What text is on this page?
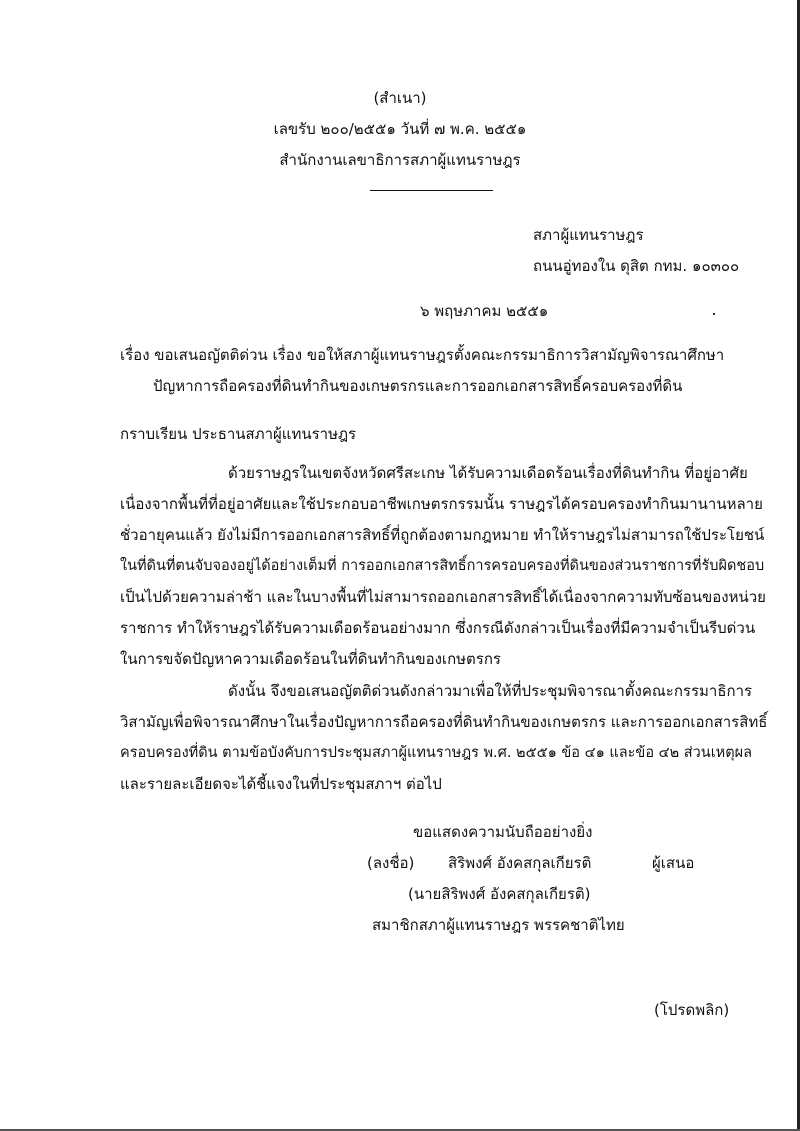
(สำเนา)
เลขรับ ๒๐๐/๒๕๕๑ วันที่ ๗ พ.ค. ๒๕๕๑
สำนักงานเลขาธิการสภาผู้แทนราษฎร
สภาผู้แทนราษฎร
ถนนอู่ทองใน ดุสิต กทม. ๑๐๓๐๐
๖ พฤษภาคม ๒๕๕๑
เรื่อง ขอเสนอญัตติด่วน เรื่อง ขอให้สภาผู้แทนราษฎรตั้งคณะกรรมาธิการวิสามัญพิจารณาศึกษา
ปัญหาการถือครองที่ดินทำกินของเกษตรกรและการออกเอกสารสิทธิ์ครอบครองที่ดิน
กราบเรียน ประธานสภาผู้แทนราษฎร
ด้วยราษฎรในเขตจังหวัดศรีสะเกษ ได้รับความเดือดร้อนเรื่องที่ดินทำกิน ที่อยู่อาศัย
เนื่องจากพื้นที่ที่อยู่อาศัยและใช้ประกอบอาชีพเกษตรกรรมนั้น ราษฎรได้ครอบครองทำกินมานานหลาย
ชั่วอายุคนแล้ว ยังไม่มีการออกเอกสารสิทธิ์ที่ถูกต้องตามกฎหมาย ทำให้ราษฎรไม่สามารถใช้ประโยชน์
ในที่ดินที่ตนจับจองอยู่ได้อย่างเต็มที่ การออกเอกสารสิทธิ์การครอบครองที่ดินของส่วนราชการที่รับผิดชอบ
เป็นไปด้วยความล่าช้า และในบางพื้นที่ไม่สามารถออกเอกสารสิทธิ์ได้เนื่องจากความทับซ้อนของหน่วย
ราชการ ทำให้ราษฎรได้รับความเดือดร้อนอย่างมาก ซึ่งกรณีดังกล่าวเป็นเรื่องที่มีความจำเป็นรีบด่วน
ในการขจัดปัญหาความเดือดร้อนในที่ดินทำกินของเกษตรกร
ดังนั้น จึงขอเสนอญัตติด่วนดังกล่าวมาเพื่อให้ที่ประชุมพิจารณาตั้งคณะกรรมาธิการ
วิสามัญเพื่อพิจารณาศึกษาในเรื่องปัญหาการถือครองที่ดินทำกินของเกษตรกร และการออกเอกสารสิทธิ์
ครอบครองที่ดิน ตามข้อบังคับการประชุมสภาผู้แทนราษฎร พ.ศ. ๒๕๕๑ ข้อ ๔๑ และข้อ ๔๒ ส่วนเหตุผล
และรายละเอียดจะได้ชี้แจงในที่ประชุมสภาฯ ต่อไป
ขอแสดงความนับถืออย่างยิ่ง
(ลงชื่อ) สิริพงศ์ อังคสกุลเกียรติ	ผู้เสนอ
(นายสิริพงศ์ อังคสกุลเกียรติ)
สมาชิกสภาผู้แทนราษฎร พรรคชาติไทย
(โปรดพลิก)
